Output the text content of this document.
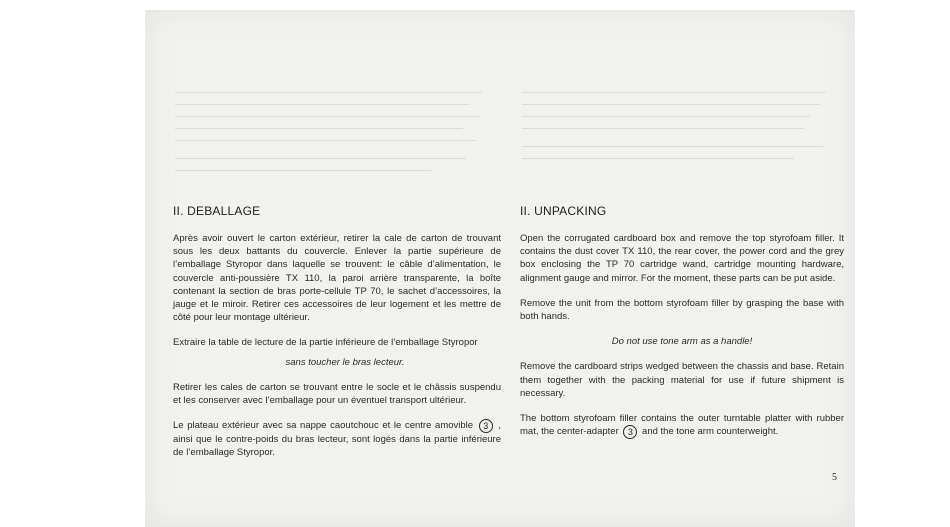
II. DEBALLAGE

Après avoir ouvert le carton extérieur, retirer la cale de carton de trouvant sous les deux battants du couvercle. Enlever la partie supérieure de l’emballage Styropor dans laquelle se trouvent: le câble d’alimentation, le couvercle anti-poussière TX 110, la paroi arrière transparente, la boîte contenant la section de bras porte-cellule TP 70, le sachet d’accessoires, la jauge et le miroir. Retirer ces accessoires de leur logement et les mettre de côté pour leur montage ultérieur.

Extraire la table de lecture de la partie inférieure de l’emballage Styropor

sans toucher le bras lecteur.

Retirer les cales de carton se trouvant entre le socle et le châssis suspendu et les conserver avec l’emballage pour un éventuel transport ultérieur.

Le plateau extérieur avec sa nappe caoutchouc et le centre amovible 3 , ainsi que le contre-poids du bras lecteur, sont logés dans la partie inférieure de l’emballage Styropor.

II. UNPACKING

Open the corrugated cardboard box and remove the top styrofoam filler. It contains the dust cover TX 110, the rear cover, the power cord and the grey box enclosing the TP 70 cartridge wand, cartridge mounting hardware, alignment gauge and mirror. For the moment, these parts can be put aside.

Remove the unit from the bottom styrofoam filler by grasping the base with both hands.

Do not use tone arm as a handle!

Remove the cardboard strips wedged between the chassis and base. Retain them together with the packing material for use if future shipment is necessary.

The bottom styrofoam filler contains the outer turntable platter with rubber mat, the center-adapter 3 and the tone arm counterweight.

5
